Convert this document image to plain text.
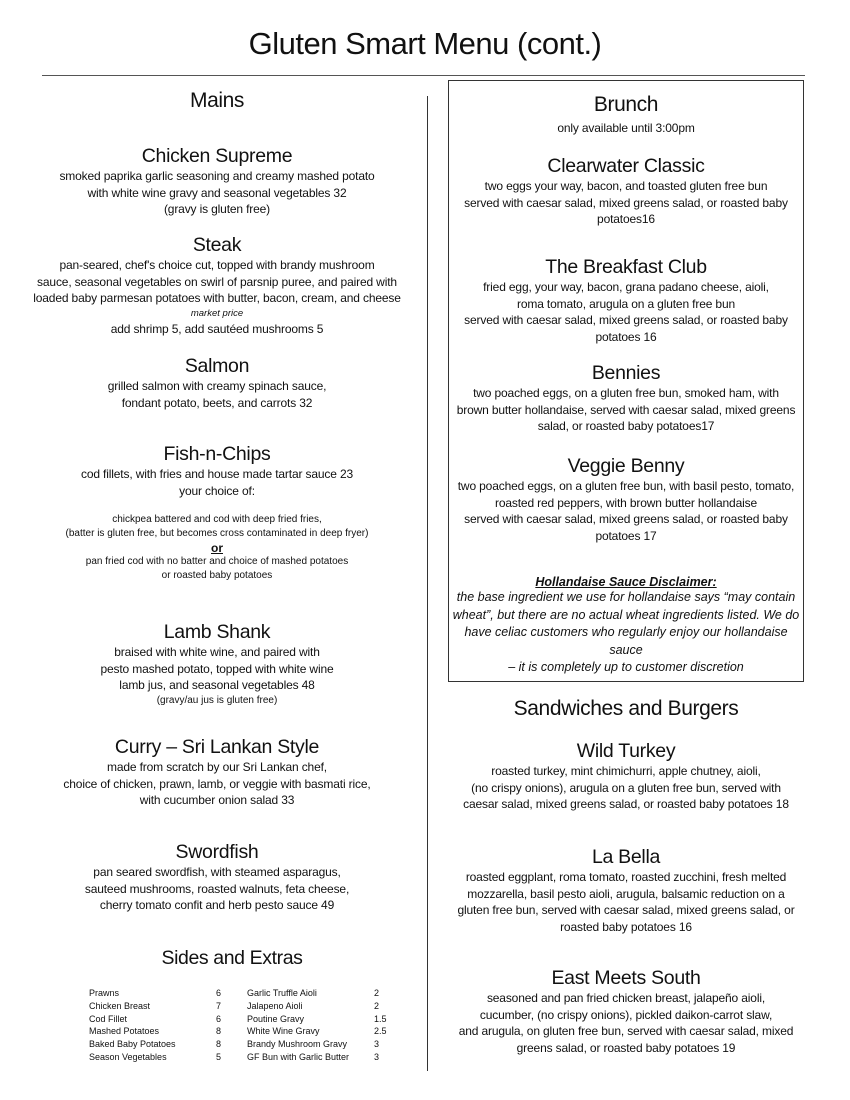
Gluten Smart Menu (cont.)
Mains
Chicken Supreme
smoked paprika garlic seasoning and creamy mashed potato
with white wine gravy and seasonal vegetables 32
(gravy is gluten free)
Steak
pan-seared, chef's choice cut, topped with brandy mushroom
sauce, seasonal vegetables on swirl of parsnip puree, and paired with
loaded baby parmesan potatoes with butter, bacon, cream, and cheese
market price
add shrimp 5, add sautéed mushrooms 5
Salmon
grilled salmon with creamy spinach sauce,
fondant potato, beets, and carrots 32
Fish-n-Chips
cod fillets, with fries and house made tartar sauce 23
your choice of:
chickpea battered and cod with deep fried fries,
(batter is gluten free, but becomes cross contaminated in deep fryer)
or
pan fried cod with no batter and choice of mashed potatoes
or roasted baby potatoes
Lamb Shank
braised with white wine, and paired with
pesto mashed potato, topped with white wine
lamb jus, and seasonal vegetables 48
(gravy/au jus is gluten free)
Curry – Sri Lankan Style
made from scratch by our Sri Lankan chef,
choice of chicken, prawn, lamb, or veggie with basmati rice,
with cucumber onion salad 33
Swordfish
pan seared swordfish, with steamed asparagus,
sauteed mushrooms, roasted walnuts, feta cheese,
cherry tomato confit and herb pesto sauce 49
Sides and Extras
Prawns	6
Chicken Breast	7
Cod Fillet	6
Mashed Potatoes	8
Baked Baby Potatoes	8
Season Vegetables	5
Garlic Truffle Aioli	2
Jalapeno Aioli	2
Poutine Gravy	1.5
White Wine Gravy	2.5
Brandy Mushroom Gravy	3
GF Bun with Garlic Butter	3
Brunch
only available until 3:00pm
Clearwater Classic
two eggs your way, bacon, and toasted gluten free bun
served with caesar salad, mixed greens salad, or roasted baby
potatoes16
The Breakfast Club
fried egg, your way, bacon, grana padano cheese, aioli,
roma tomato, arugula on a gluten free bun
served with caesar salad, mixed greens salad, or roasted baby
potatoes 16
Bennies
two poached eggs, on a gluten free bun, smoked ham, with
brown butter hollandaise, served with caesar salad, mixed greens
salad, or roasted baby potatoes17
Veggie Benny
two poached eggs, on a gluten free bun, with basil pesto, tomato,
roasted red peppers, with brown butter hollandaise
served with caesar salad, mixed greens salad, or roasted baby
potatoes 17
Hollandaise Sauce Disclaimer:
the base ingredient we use for hollandaise says “may contain
wheat”, but there are no actual wheat ingredients listed. We do
have celiac customers who regularly enjoy our hollandaise sauce
– it is completely up to customer discretion
Sandwiches and Burgers
Wild Turkey
roasted turkey, mint chimichurri, apple chutney, aioli,
(no crispy onions), arugula on a gluten free bun, served with
caesar salad, mixed greens salad, or roasted baby potatoes 18
La Bella
roasted eggplant, roma tomato, roasted zucchini, fresh melted
mozzarella, basil pesto aioli, arugula, balsamic reduction on a
gluten free bun, served with caesar salad, mixed greens salad, or
roasted baby potatoes 16
East Meets South
seasoned and pan fried chicken breast, jalapeño aioli,
cucumber, (no crispy onions), pickled daikon-carrot slaw,
and arugula, on gluten free bun, served with caesar salad, mixed
greens salad, or roasted baby potatoes 19
